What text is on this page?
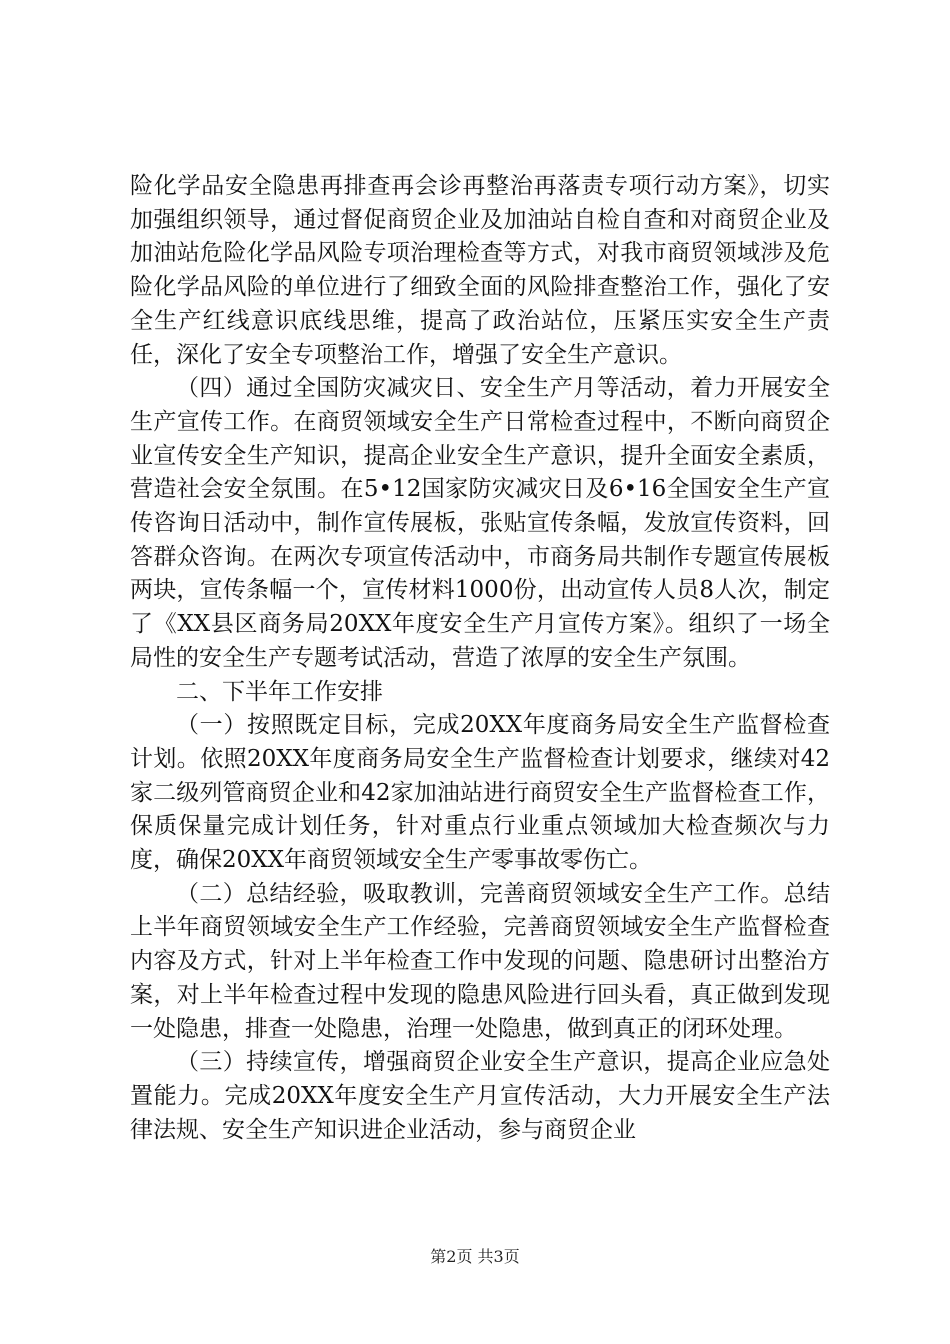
险化学品安全隐患再排查再会诊再整治再落责专项行动方案》，切实加强组织领导，通过督促商贸企业及加油站自检自查和对商贸企业及加油站危险化学品风险专项治理检查等方式，对我市商贸领域涉及危险化学品风险的单位进行了细致全面的风险排查整治工作，强化了安全生产红线意识底线思维，提高了政治站位，压紧压实安全生产责任，深化了安全专项整治工作，增强了安全生产意识。

（四）通过全国防灾减灾日、安全生产月等活动，着力开展安全生产宣传工作。在商贸领域安全生产日常检查过程中，不断向商贸企业宣传安全生产知识，提高企业安全生产意识，提升全面安全素质，营造社会安全氛围。在5•12国家防灾减灾日及6•16全国安全生产宣传咨询日活动中，制作宣传展板，张贴宣传条幅，发放宣传资料，回答群众咨询。在两次专项宣传活动中，市商务局共制作专题宣传展板两块，宣传条幅一个，宣传材料1000份，出动宣传人员8人次，制定了《XX县区商务局20XX年度安全生产月宣传方案》。组织了一场全局性的安全生产专题考试活动，营造了浓厚的安全生产氛围。

二、下半年工作安排

（一）按照既定目标，完成20XX年度商务局安全生产监督检查计划。依照20XX年度商务局安全生产监督检查计划要求，继续对42家二级列管商贸企业和42家加油站进行商贸安全生产监督检查工作，保质保量完成计划任务，针对重点行业重点领域加大检查频次与力度，确保20XX年商贸领域安全生产零事故零伤亡。

（二）总结经验，吸取教训，完善商贸领域安全生产工作。总结上半年商贸领域安全生产工作经验，完善商贸领域安全生产监督检查内容及方式，针对上半年检查工作中发现的问题、隐患研讨出整治方案，对上半年检查过程中发现的隐患风险进行回头看，真正做到发现一处隐患，排查一处隐患，治理一处隐患，做到真正的闭环处理。

（三）持续宣传，增强商贸企业安全生产意识，提高企业应急处置能力。完成20XX年度安全生产月宣传活动，大力开展安全生产法律法规、安全生产知识进企业活动，参与商贸企业

第2页 共3页
